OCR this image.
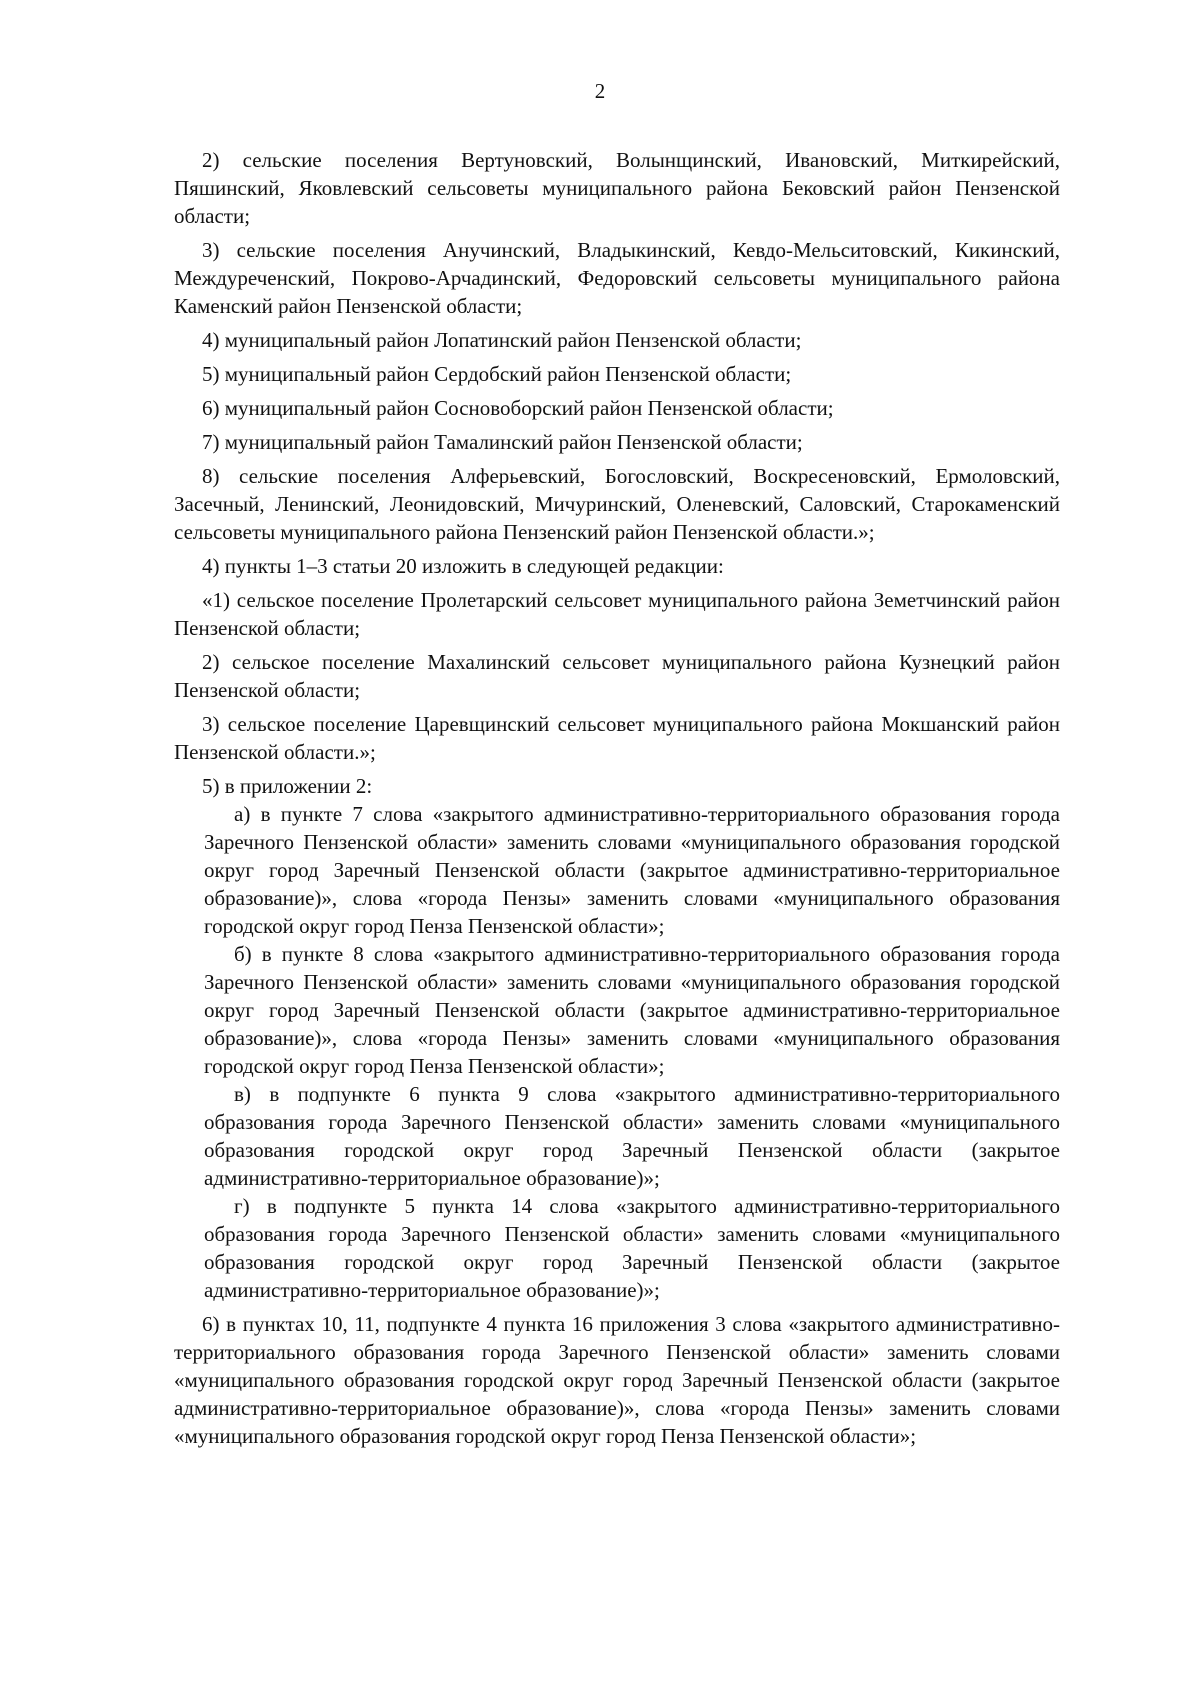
2

2) сельские поселения Вертуновский, Волынщинский, Ивановский, Миткирейский, Пяшинский, Яковлевский сельсоветы муниципального района Бековский район Пензенской области;

3) сельские поселения Анучинский, Владыкинский, Кевдо-Мельситовский, Кикинский, Междуреченский, Покрово-Арчадинский, Федоровский сельсоветы муниципального района Каменский район Пензенской области;

4) муниципальный район Лопатинский район Пензенской области;

5) муниципальный район Сердобский район Пензенской области;

6) муниципальный район Сосновоборский район Пензенской области;

7) муниципальный район Тамалинский район Пензенской области;

8) сельские поселения Алферьевский, Богословский, Воскресеновский, Ермоловский, Засечный, Ленинский, Леонидовский, Мичуринский, Оленевский, Саловский, Старокаменский сельсоветы муниципального района Пензенский район Пензенской области.»;

4) пункты 1–3 статьи 20 изложить в следующей редакции:

«1) сельское поселение Пролетарский сельсовет муниципального района Земетчинский район Пензенской области;

2) сельское поселение Махалинский сельсовет муниципального района Кузнецкий район Пензенской области;

3) сельское поселение Царевщинский сельсовет муниципального района Мокшанский район Пензенской области.»;

5) в приложении 2:

а) в пункте 7 слова «закрытого административно-территориального образования города Заречного Пензенской области» заменить словами «муниципального образования городской округ город Заречный Пензенской области (закрытое административно-территориальное образование)», слова «города Пензы» заменить словами «муниципального образования городской округ город Пенза Пензенской области»;

б) в пункте 8 слова «закрытого административно-территориального образования города Заречного Пензенской области» заменить словами «муниципального образования городской округ город Заречный Пензенской области (закрытое административно-территориальное образование)», слова «города Пензы» заменить словами «муниципального образования городской округ город Пенза Пензенской области»;

в) в подпункте 6 пункта 9 слова «закрытого административно-территориального образования города Заречного Пензенской области» заменить словами «муниципального образования городской округ город Заречный Пензенской области (закрытое административно-территориальное образование)»;

г) в подпункте 5 пункта 14 слова «закрытого административно-территориального образования города Заречного Пензенской области» заменить словами «муниципального образования городской округ город Заречный Пензенской области (закрытое административно-территориальное образование)»;

6) в пунктах 10, 11, подпункте 4 пункта 16 приложения 3 слова «закрытого административно-территориального образования города Заречного Пензенской области» заменить словами «муниципального образования городской округ город Заречный Пензенской области (закрытое административно-территориальное образование)», слова «города Пензы» заменить словами «муниципального образования городской округ город Пенза Пензенской области»;
